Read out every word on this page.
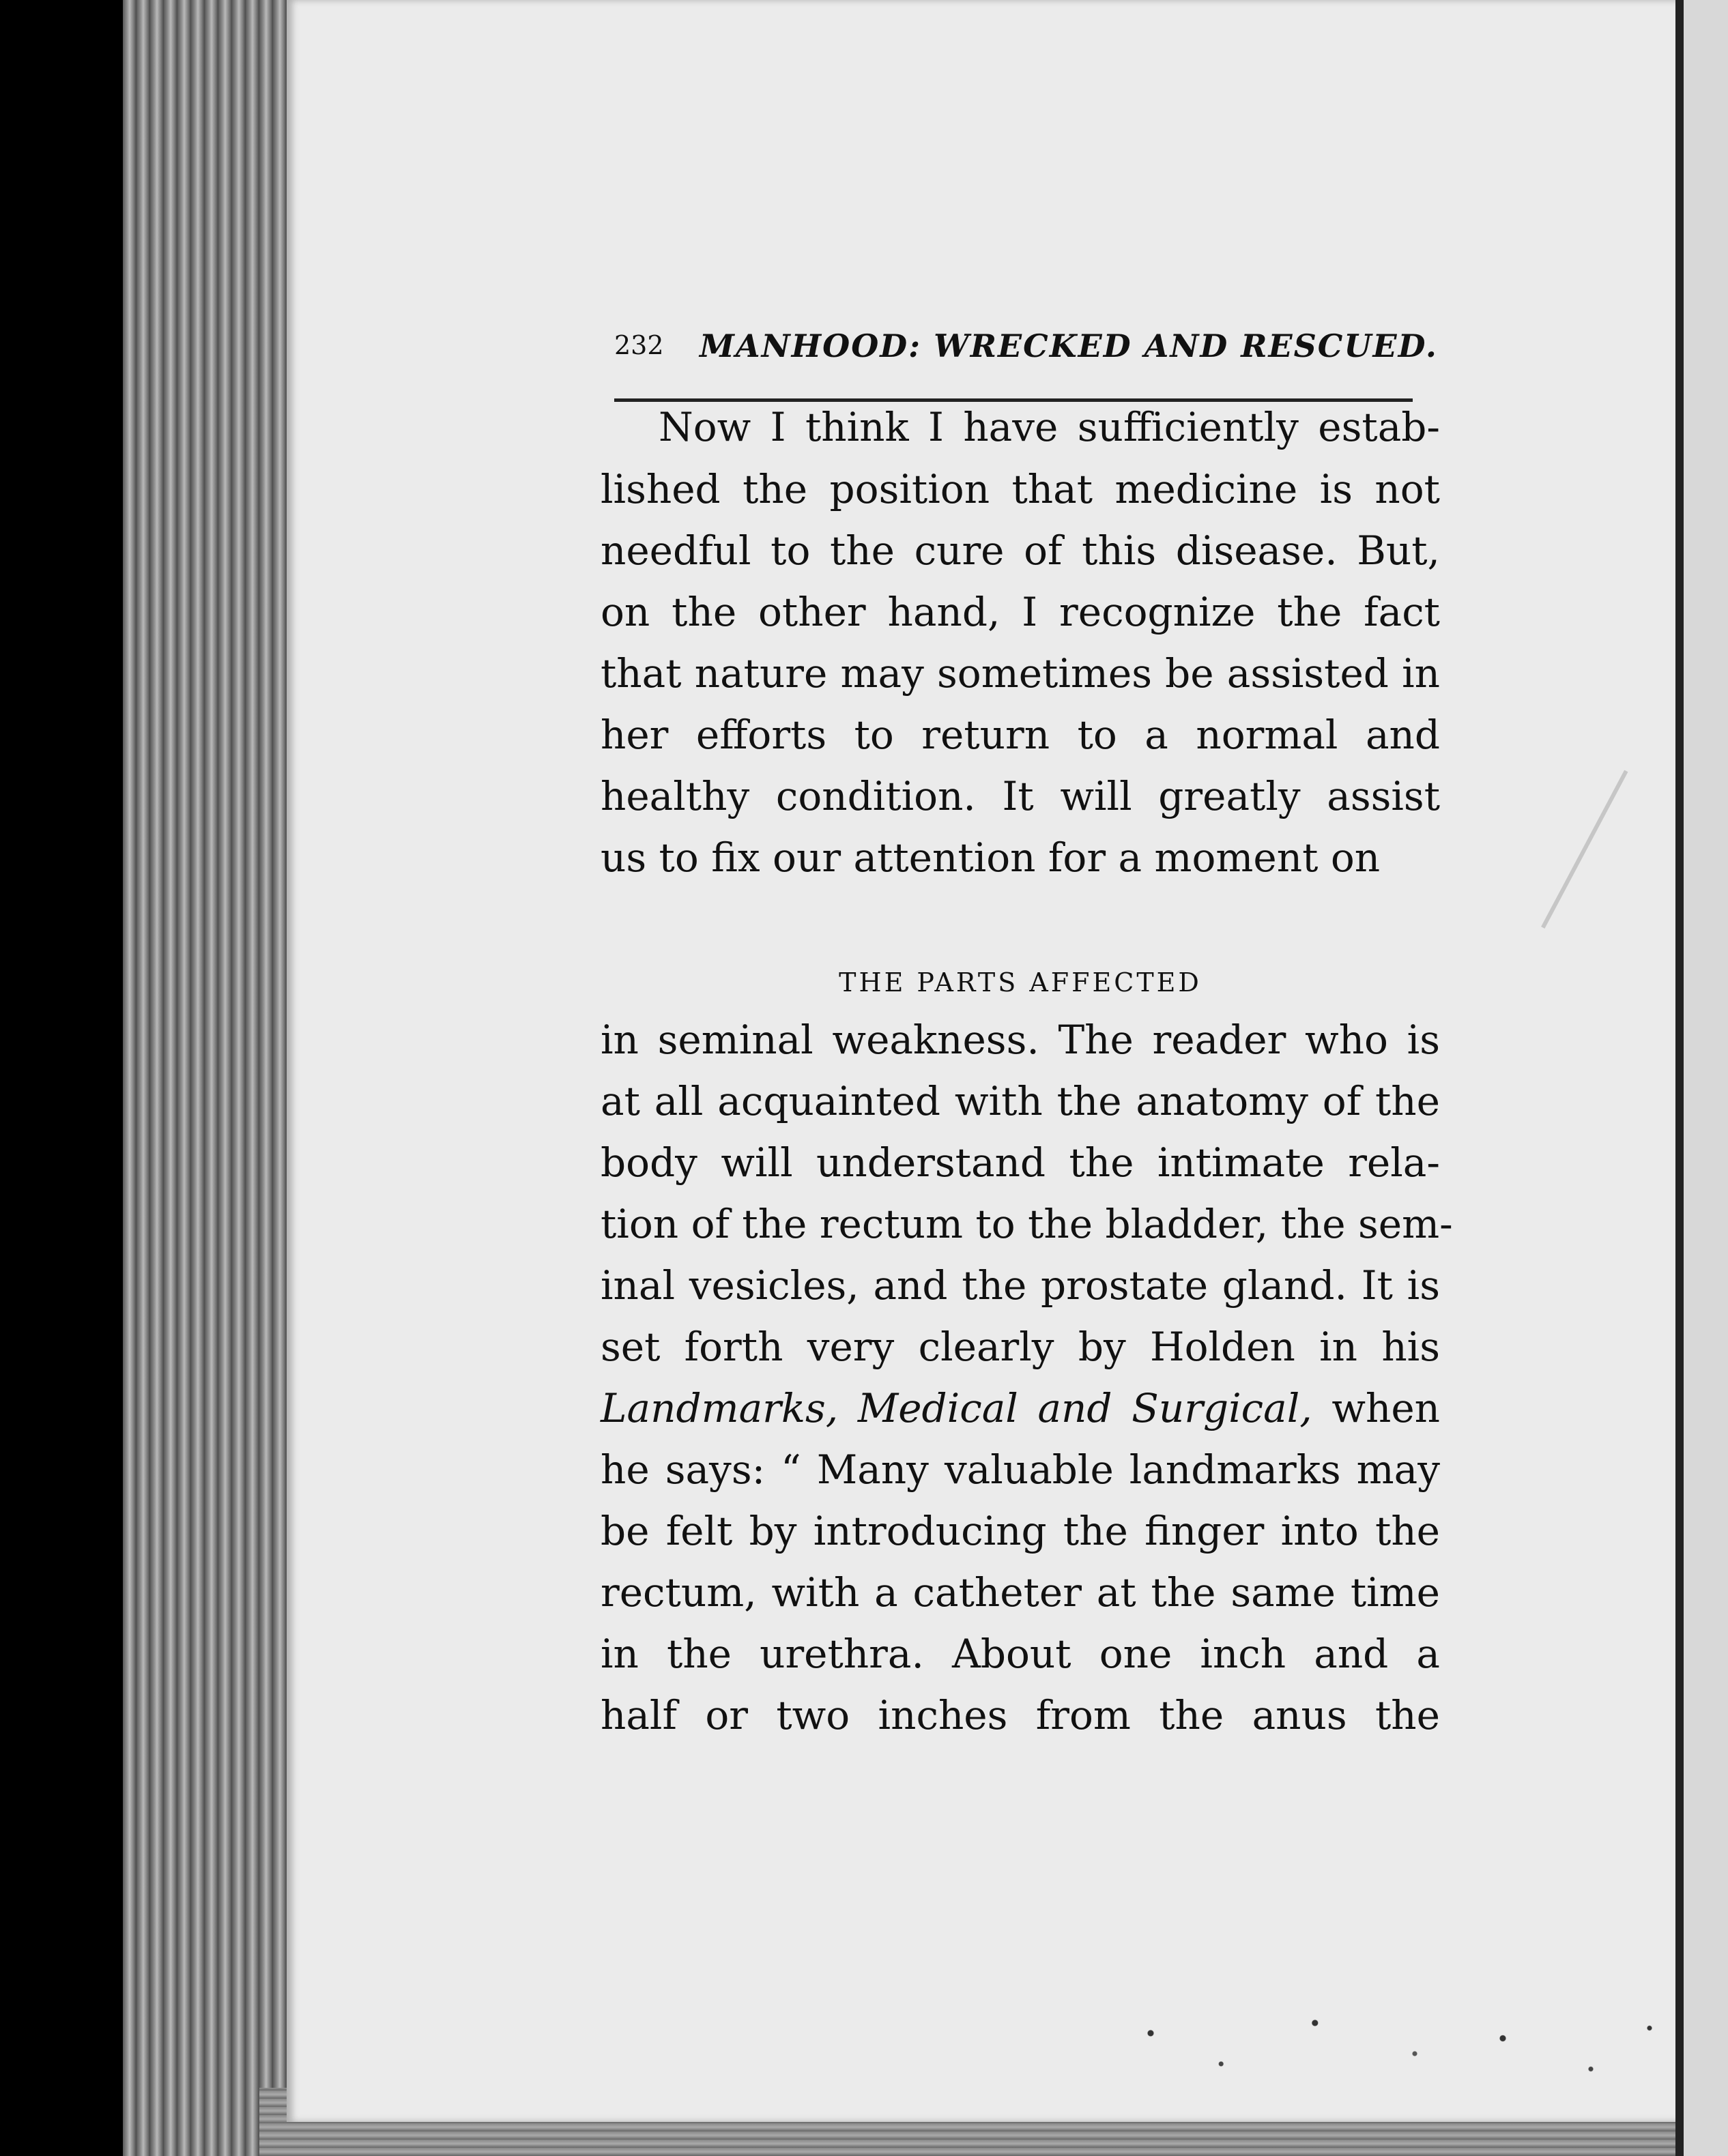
232 MANHOOD: WRECKED AND RESCUED.
Now I think I have sufficiently estab-
lished the position that medicine is not
needful to the cure of this disease. But,
on the other hand, I recognize the fact
that nature may sometimes be assisted in
her efforts to return to a normal and
healthy condition. It will greatly assist
us to fix our attention for a moment on
THE PARTS AFFECTED
in seminal weakness. The reader who is
at all acquainted with the anatomy of the
body will understand the intimate rela-
tion of the rectum to the bladder, the sem-
inal vesicles, and the prostate gland. It is
set forth very clearly by Holden in his
Landmarks, Medical and Surgical, when
he says: “ Many valuable landmarks may
be felt by introducing the finger into the
rectum, with a catheter at the same time
in the urethra. About one inch and a
half or two inches from the anus the
